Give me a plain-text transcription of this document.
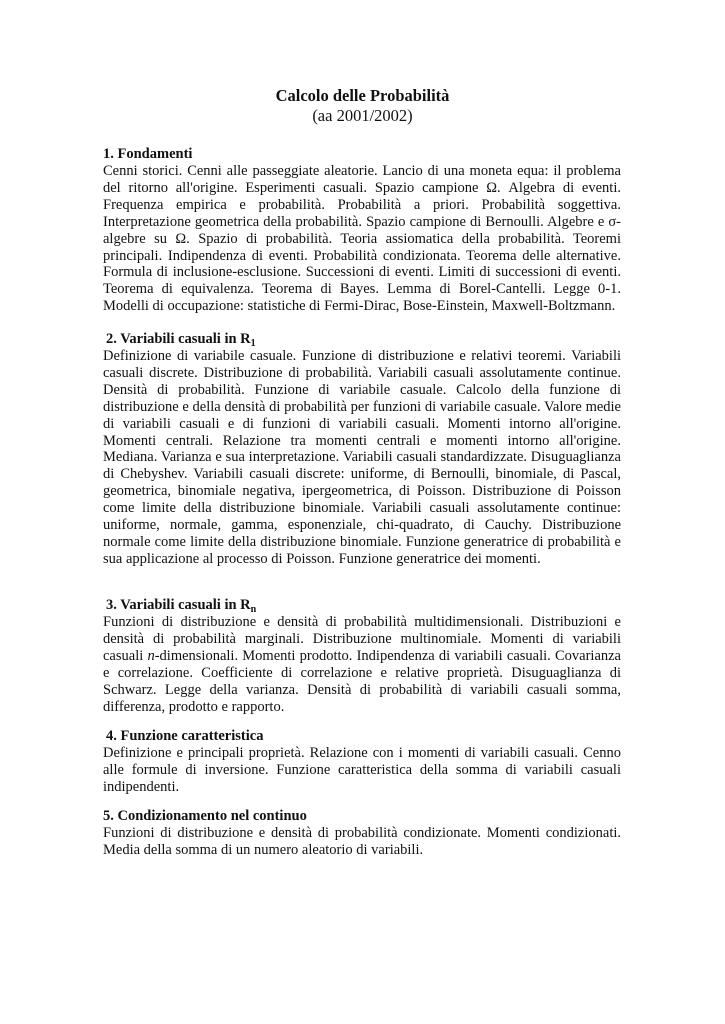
Calcolo delle Probabilità
(aa 2001/2002)

1. Fondamenti

Cenni storici. Cenni alle passeggiate aleatorie. Lancio di una moneta equa: il problema del ritorno all'origine. Esperimenti casuali. Spazio campione Ω. Algebra di eventi. Frequenza empirica e probabilità. Probabilità a priori. Probabilità soggettiva. Interpretazione geometrica della probabilità. Spazio campione di Bernoulli. Algebre e σ-algebre su Ω. Spazio di probabilità. Teoria assiomatica della probabilità. Teoremi principali. Indipendenza di eventi. Probabilità condizionata. Teorema delle alternative. Formula di inclusione-esclusione. Successioni di eventi. Limiti di successioni di eventi. Teorema di equivalenza. Teorema di Bayes. Lemma di Borel-Cantelli. Legge 0-1. Modelli di occupazione: statistiche di Fermi-Dirac, Bose-Einstein, Maxwell-Boltzmann.

2. Variabili casuali in $R_1$

Definizione di variabile casuale. Funzione di distribuzione e relativi teoremi. Variabili casuali discrete. Distribuzione di probabilità. Variabili casuali assolutamente continue. Densità di probabilità. Funzione di variabile casuale. Calcolo della funzione di distribuzione e della densità di probabilità per funzioni di variabile casuale. Valore medie di variabili casuali e di funzioni di variabili casuali. Momenti intorno all'origine. Momenti centrali. Relazione tra momenti centrali e momenti intorno all'origine. Mediana. Varianza e sua interpretazione. Variabili casuali standardizzate. Disuguaglianza di Chebyshev. Variabili casuali discrete: uniforme, di Bernoulli, binomiale, di Pascal, geometrica, binomiale negativa, ipergeometrica, di Poisson. Distribuzione di Poisson come limite della distribuzione binomiale. Variabili casuali assolutamente continue: uniforme, normale, gamma, esponenziale, chi-quadrato, di Cauchy. Distribuzione normale come limite della distribuzione binomiale. Funzione generatrice di probabilità e sua applicazione al processo di Poisson. Funzione generatrice dei momenti.

3. Variabili casuali in $R_n$

Funzioni di distribuzione e densità di probabilità multidimensionali. Distribuzioni e densità di probabilità marginali. Distribuzione multinomiale. Momenti di variabili casuali n-dimensionali. Momenti prodotto. Indipendenza di variabili casuali. Covarianza e correlazione. Coefficiente di correlazione e relative proprietà. Disuguaglianza di Schwarz. Legge della varianza. Densità di probabilità di variabili casuali somma, differenza, prodotto e rapporto.

4. Funzione caratteristica

Definizione e principali proprietà. Relazione con i momenti di variabili casuali. Cenno alle formule di inversione. Funzione caratteristica della somma di variabili casuali indipendenti.

5. Condizionamento nel continuo

Funzioni di distribuzione e densità di probabilità condizionate. Momenti condizionati. Media della somma di un numero aleatorio di variabili.
